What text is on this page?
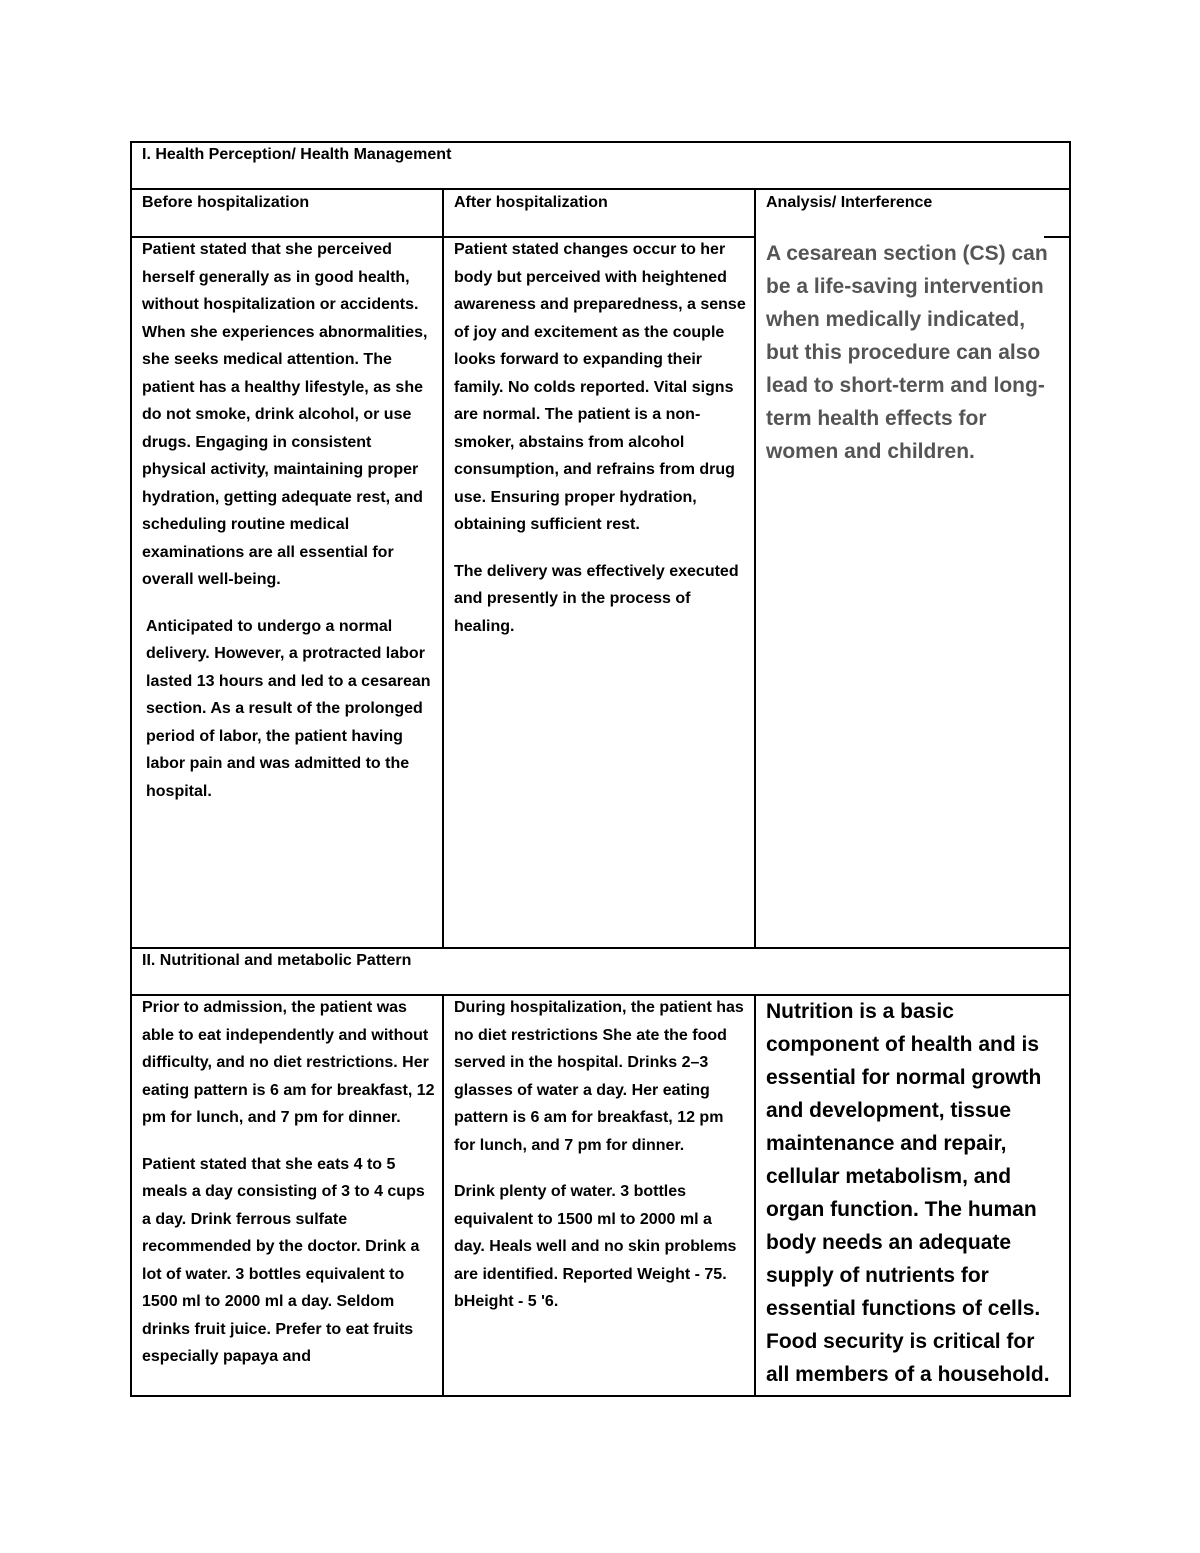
I. Health Perception/ Health Management
Before hospitalization	After hospitalization	Analysis/ Interference

Patient stated that she perceived herself generally as in good health, without hospitalization or accidents. When she experiences abnormalities, she seeks medical attention. The patient has a healthy lifestyle, as she do not smoke, drink alcohol, or use drugs. Engaging in consistent physical activity, maintaining proper hydration, getting adequate rest, and scheduling routine medical examinations are all essential for overall well-being.

Anticipated to undergo a normal delivery. However, a protracted labor lasted 13 hours and led to a cesarean section. As a result of the prolonged period of labor, the patient having labor pain and was admitted to the hospital.

Patient stated changes occur to her body but perceived with heightened awareness and preparedness, a sense of joy and excitement as the couple looks forward to expanding their family. No colds reported. Vital signs are normal. The patient is a non-smoker, abstains from alcohol consumption, and refrains from drug use. Ensuring proper hydration, obtaining sufficient rest.

The delivery was effectively executed and presently in the process of healing.

A cesarean section (CS) can be a life-saving intervention when medically indicated, but this procedure can also lead to short-term and long-term health effects for women and children.
II. Nutritional and metabolic Pattern

Prior to admission, the patient was able to eat independently and without difficulty, and no diet restrictions. Her eating pattern is 6 am for breakfast, 12 pm for lunch, and 7 pm for dinner.

Patient stated that she eats 4 to 5 meals a day consisting of 3 to 4 cups a day. Drink ferrous sulfate recommended by the doctor. Drink a lot of water. 3 bottles equivalent to 1500 ml to 2000 ml a day. Seldom drinks fruit juice. Prefer to eat fruits especially papaya and

During hospitalization, the patient has no diet restrictions She ate the food served in the hospital. Drinks 2–3 glasses of water a day. Her eating pattern is 6 am for breakfast, 12 pm for lunch, and 7 pm for dinner.

Drink plenty of water. 3 bottles equivalent to 1500 ml to 2000 ml a day. Heals well and no skin problems are identified. Reported Weight - 75. bHeight - 5 '6.

Nutrition is a basic component of health and is essential for normal growth and development, tissue maintenance and repair, cellular metabolism, and organ function. The human body needs an adequate supply of nutrients for essential functions of cells. Food security is critical for all members of a household.
